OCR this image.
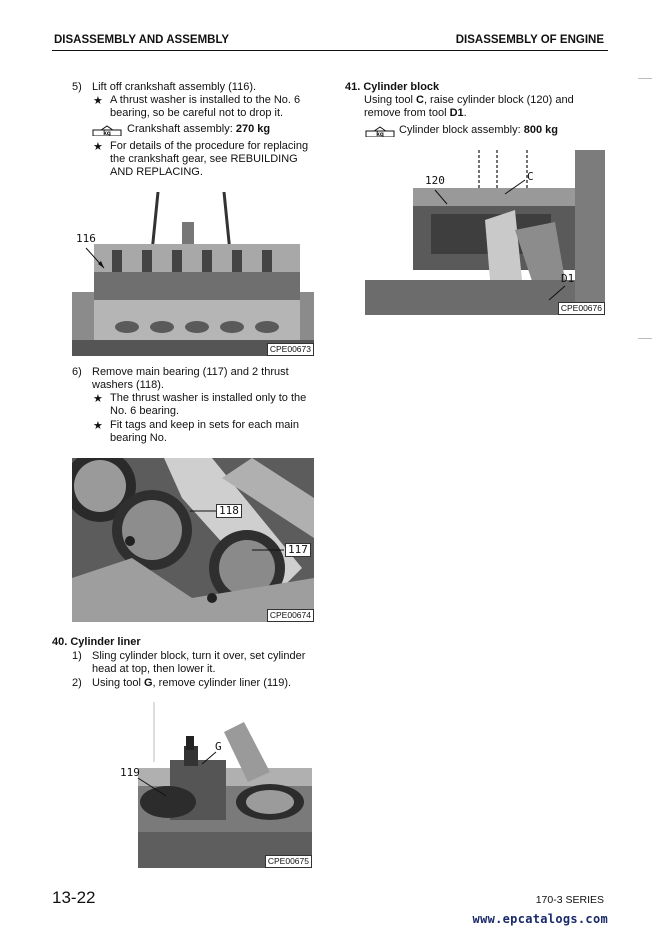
DISASSEMBLY AND ASSEMBLY	DISASSEMBLY OF ENGINE
5) Lift off crankshaft assembly (116).
★ A thrust washer is installed to the No. 6
bearing, so be careful not to drop it.
kg Crankshaft assembly: 270 kg
★ For details of the procedure for replacing
the crankshaft gear, see REBUILDING
AND REPLACING.
116
CPE00673
6) Remove main bearing (117) and 2 thrust
washers (118).
★ The thrust washer is installed only to the
No. 6 bearing.
★ Fit tags and keep in sets for each main
bearing No.
118
117
CPE00674
40. Cylinder liner
1) Sling cylinder block, turn it over, set cylinder
head at top, then lower it.
2) Using tool G, remove cylinder liner (119).
119
G
CPE00675
41. Cylinder block
Using tool C, raise cylinder block (120) and
remove from tool D1.
kg Cylinder block assembly: 800 kg
120	C
D1
CPE00676
13-22	170-3 SERIES
www.epcatalogs.com
